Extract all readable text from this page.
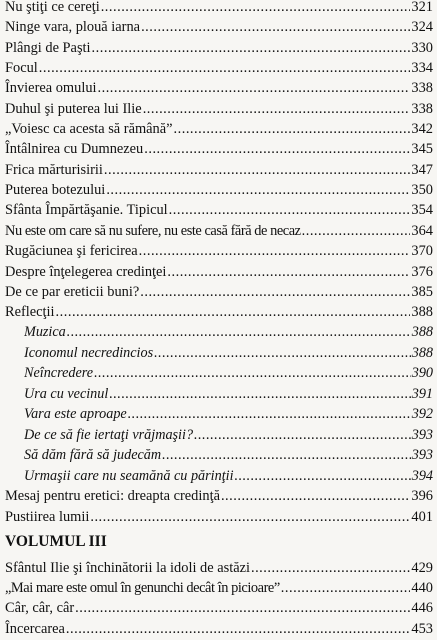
Nu ştiţi ce cereţi .....	321
Ninge vara, plouă iarna .....	324
Plângi de Paşti .....	330
Focul .....	334
Învierea omului .....	338
Duhul şi puterea lui Ilie .....	338
„Voiesc ca acesta să rămână” .....	342
Întâlnirea cu Dumnezeu .....	345
Frica mărturisirii .....	347
Puterea botezului .....	350
Sfânta Împărtăşanie. Tipicul .....	354
Nu este om care să nu sufere, nu este casă fără de necaz .....	364
Rugăciunea şi fericirea .....	370
Despre înţelegerea credinţei .....	376
De ce par ereticii buni? .....	385
Reflecţii .....	388
Muzica .....	388
Iconomul necredincios .....	388
Neîncredere .....	390
Ura cu vecinul .....	391
Vara este aproape .....	392
De ce să fie iertaţi vrăjmaşii? .....	393
Să dăm fără să judecăm .....	393
Urmaşii care nu seamănă cu părinţii .....	394
Mesaj pentru eretici: dreapta credinţă .....	396
Pustiirea lumii .....	401
VOLUMUL III
Sfântul Ilie şi închinătorii la idoli de astăzi .....	429
„Mai mare este omul în genunchi decât în picioare” .....	440
Câr, câr, câr .....	446
Încercarea .....	453
